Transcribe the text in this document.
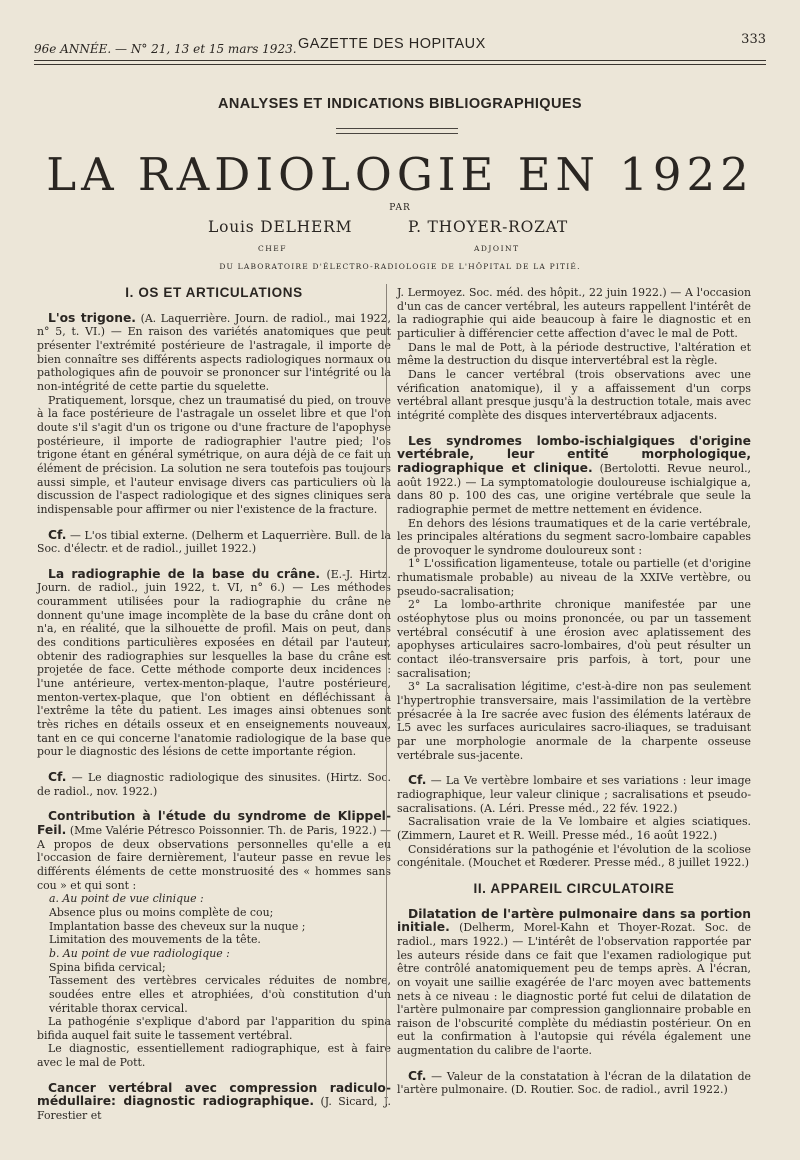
96e ANNÉE. — N° 21, 13 et 15 mars 1923. GAZETTE DES HOPITAUX	333
ANALYSES ET INDICATIONS BIBLIOGRAPHIQUES
LA RADIOLOGIE EN 1922
PAR
Louis DELHERM	P. THOYER-ROZAT
CHEF	ADJOINT
DU LABORATOIRE D'ÉLECTRO-RADIOLOGIE DE L'HÔPITAL DE LA PITIÉ.
I. OS ET ARTICULATIONS

L'os trigone. (A. Laquerrière. Journ. de radiol., mai 1922, n° 5, t. VI.) — En raison des variétés anatomiques que peut présenter l'extrémité postérieure de l'astragale, il importe de bien connaître ses différents aspects radiologiques normaux ou pathologiques afin de pouvoir se prononcer sur l'intégrité ou la non-intégrité de cette partie du squelette.

Pratiquement, lorsque, chez un traumatisé du pied, on trouve à la face postérieure de l'astragale un osselet libre et que l'on doute s'il s'agit d'un os trigone ou d'une fracture de l'apophyse postérieure, il importe de radiographier l'autre pied; l'os trigone étant en général symétrique, on aura déjà de ce fait un élément de précision. La solution ne sera toutefois pas toujours aussi simple, et l'auteur envisage divers cas particuliers où la discussion de l'aspect radiologique et des signes cliniques sera indispensable pour affirmer ou nier l'existence de la fracture.

Cf. — L'os tibial externe. (Delherm et Laquerrière. Bull. de la Soc. d'électr. et de radiol., juillet 1922.)

La radiographie de la base du crâne. (E.-J. Hirtz. Journ. de radiol., juin 1922, t. VI, n° 6.) — Les méthodes couramment utilisées pour la radiographie du crâne ne donnent qu'une image incomplète de la base du crâne dont on n'a, en réalité, que la silhouette de profil. Mais on peut, dans des conditions particulières exposées en détail par l'auteur, obtenir des radiographies sur lesquelles la base du crâne est projetée de face. Cette méthode comporte deux incidences : l'une antérieure, vertex-menton-plaque, l'autre postérieure, menton-vertex-plaque, que l'on obtient en défléchissant à l'extrême la tête du patient. Les images ainsi obtenues sont très riches en détails osseux et en enseignements nouveaux, tant en ce qui concerne l'anatomie radiologique de la base que pour le diagnostic des lésions de cette importante région.

Cf. — Le diagnostic radiologique des sinusites. (Hirtz. Soc. de radiol., nov. 1922.)

Contribution à l'étude du syndrome de Klippel-Feil. (Mme Valérie Pétresco Poissonnier. Th. de Paris, 1922.) — A propos de deux observations personnelles qu'elle a eu l'occasion de faire dernièrement, l'auteur passe en revue les différents éléments de cette monstruosité des « hommes sans cou » et qui sont :

a. Au point de vue clinique :

Absence plus ou moins complète de cou;

Implantation basse des cheveux sur la nuque ;

Limitation des mouvements de la tête.

b. Au point de vue radiologique :

Spina bifida cervical;

Tassement des vertèbres cervicales réduites de nombre, soudées entre elles et atrophiées, d'où constitution d'un véritable thorax cervical.

La pathogénie s'explique d'abord par l'apparition du spina bifida auquel fait suite le tassement vertébral.

Le diagnostic, essentiellement radiographique, est à faire avec le mal de Pott.

Cancer vertébral avec compression radiculo-médullaire: diagnostic radiographique. (J. Sicard, J. Forestier et

J. Lermoyez. Soc. méd. des hôpit., 22 juin 1922.) — A l'occasion d'un cas de cancer vertébral, les auteurs rappellent l'intérêt de la radiographie qui aide beaucoup à faire le diagnostic et en particulier à différencier cette affection d'avec le mal de Pott.

Dans le mal de Pott, à la période destructive, l'altération et même la destruction du disque intervertébral est la règle.

Dans le cancer vertébral (trois observations avec une vérification anatomique), il y a affaissement d'un corps vertébral allant presque jusqu'à la destruction totale, mais avec intégrité complète des disques intervertébraux adjacents.

Les syndromes lombo-ischialgiques d'origine vertébrale, leur entité morphologique, radiographique et clinique. (Bertolotti. Revue neurol., août 1922.) — La symptomatologie douloureuse ischialgique a, dans 80 p. 100 des cas, une origine vertébrale que seule la radiographie permet de mettre nettement en évidence.

En dehors des lésions traumatiques et de la carie vertébrale, les principales altérations du segment sacro-lombaire capables de provoquer le syndrome douloureux sont :

1° L'ossification ligamenteuse, totale ou partielle (et d'origine rhumatismale probable) au niveau de la XXIVe vertèbre, ou pseudo-sacralisation;

2° La lombo-arthrite chronique manifestée par une ostéophytose plus ou moins prononcée, ou par un tassement vertébral consécutif à une érosion avec aplatissement des apophyses articulaires sacro-lombaires, d'où peut résulter un contact iléo-transversaire pris parfois, à tort, pour une sacralisation;

3° La sacralisation légitime, c'est-à-dire non pas seulement l'hypertrophie transversaire, mais l'assimilation de la vertèbre présacrée à la Ire sacrée avec fusion des éléments latéraux de L5 avec les surfaces auriculaires sacro-iliaques, se traduisant par une morphologie anormale de la charpente osseuse vertébrale sus-jacente.

Cf. — La Ve vertèbre lombaire et ses variations : leur image radiographique, leur valeur clinique ; sacralisations et pseudo-sacralisations. (A. Léri. Presse méd., 22 fév. 1922.)

Sacralisation vraie de la Ve lombaire et algies sciatiques. (Zimmern, Lauret et R. Weill. Presse méd., 16 août 1922.)

Considérations sur la pathogénie et l'évolution de la scoliose congénitale. (Mouchet et Rœderer. Presse méd., 8 juillet 1922.)

II. APPAREIL CIRCULATOIRE

Dilatation de l'artère pulmonaire dans sa portion initiale. (Delherm, Morel-Kahn et Thoyer-Rozat. Soc. de radiol., mars 1922.) — L'intérêt de l'observation rapportée par les auteurs réside dans ce fait que l'examen radiologique put être contrôlé anatomiquement peu de temps après. A l'écran, on voyait une saillie exagérée de l'arc moyen avec battements nets à ce niveau : le diagnostic porté fut celui de dilatation de l'artère pulmonaire par compression ganglionnaire probable en raison de l'obscurité complète du médiastin postérieur. On en eut la confirmation à l'autopsie qui révéla également une augmentation du calibre de l'aorte.

Cf. — Valeur de la constatation à l'écran de la dilatation de l'artère pulmonaire. (D. Routier. Soc. de radiol., avril 1922.)
